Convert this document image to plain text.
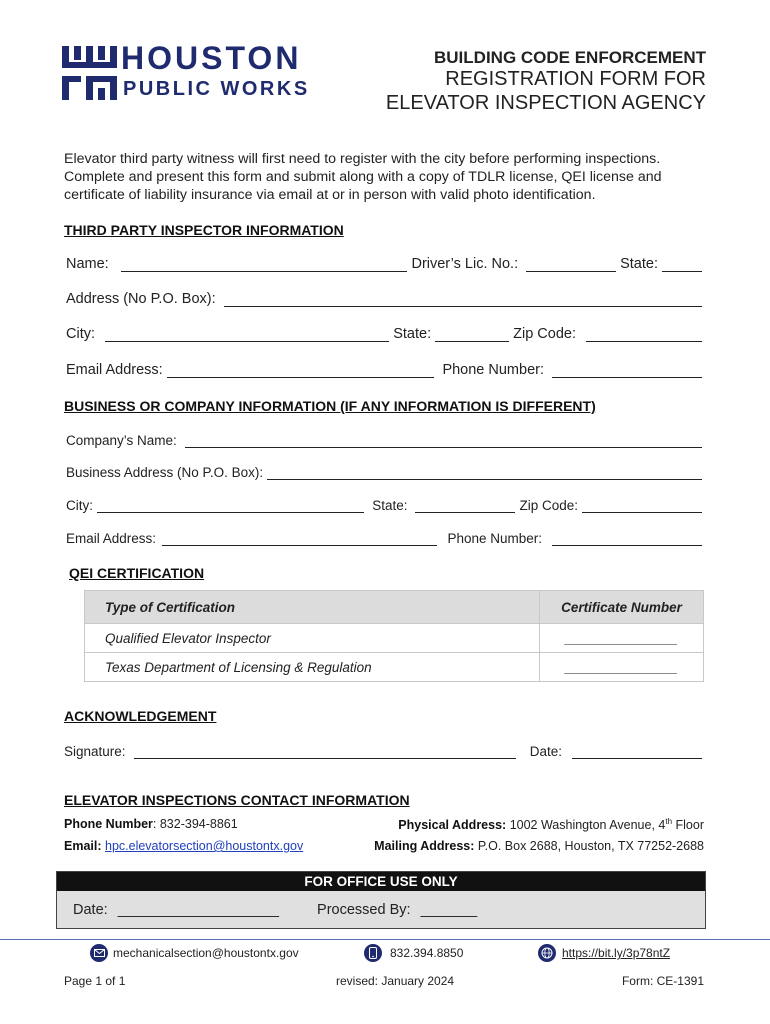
HOUSTON
PUBLIC WORKS
BUILDING CODE ENFORCEMENT
REGISTRATION FORM FOR
ELEVATOR INSPECTION AGENCY
Elevator third party witness will first need to register with the city before performing inspections. Complete and present this form and submit along with a copy of TDLR license, QEI license and certificate of liability insurance via email at or in person with valid photo identification.
THIRD PARTY INSPECTOR INFORMATION
Name:	Driver’s Lic. No.:	State:
Address (No P.O. Box):
City:	State:	Zip Code:
Email Address:	Phone Number:
BUSINESS OR COMPANY INFORMATION (IF ANY INFORMATION IS DIFFERENT)
Company’s Name:
Business Address (No P.O. Box):
City:	State:	Zip Code:
Email Address:	Phone Number:
QEI CERTIFICATION
Type of Certification	Certificate Number
Qualified Elevator Inspector	_______________
Texas Department of Licensing & Regulation	_______________
ACKNOWLEDGEMENT
Signature:	Date:
ELEVATOR INSPECTIONS CONTACT INFORMATION
Phone Number: 832-394-8861
Email: hpc.elevatorsection@houstontx.gov
Physical Address: 1002 Washington Avenue, 4th Floor
Mailing Address: P.O. Box 2688, Houston, TX 77252-2688
FOR OFFICE USE ONLY
Date: ____________________	Processed By: _______
mechanicalsection@houstontx.gov	832.394.8850	https://bit.ly/3p78ntZ
Page 1 of 1	revised: January 2024	Form: CE-1391
